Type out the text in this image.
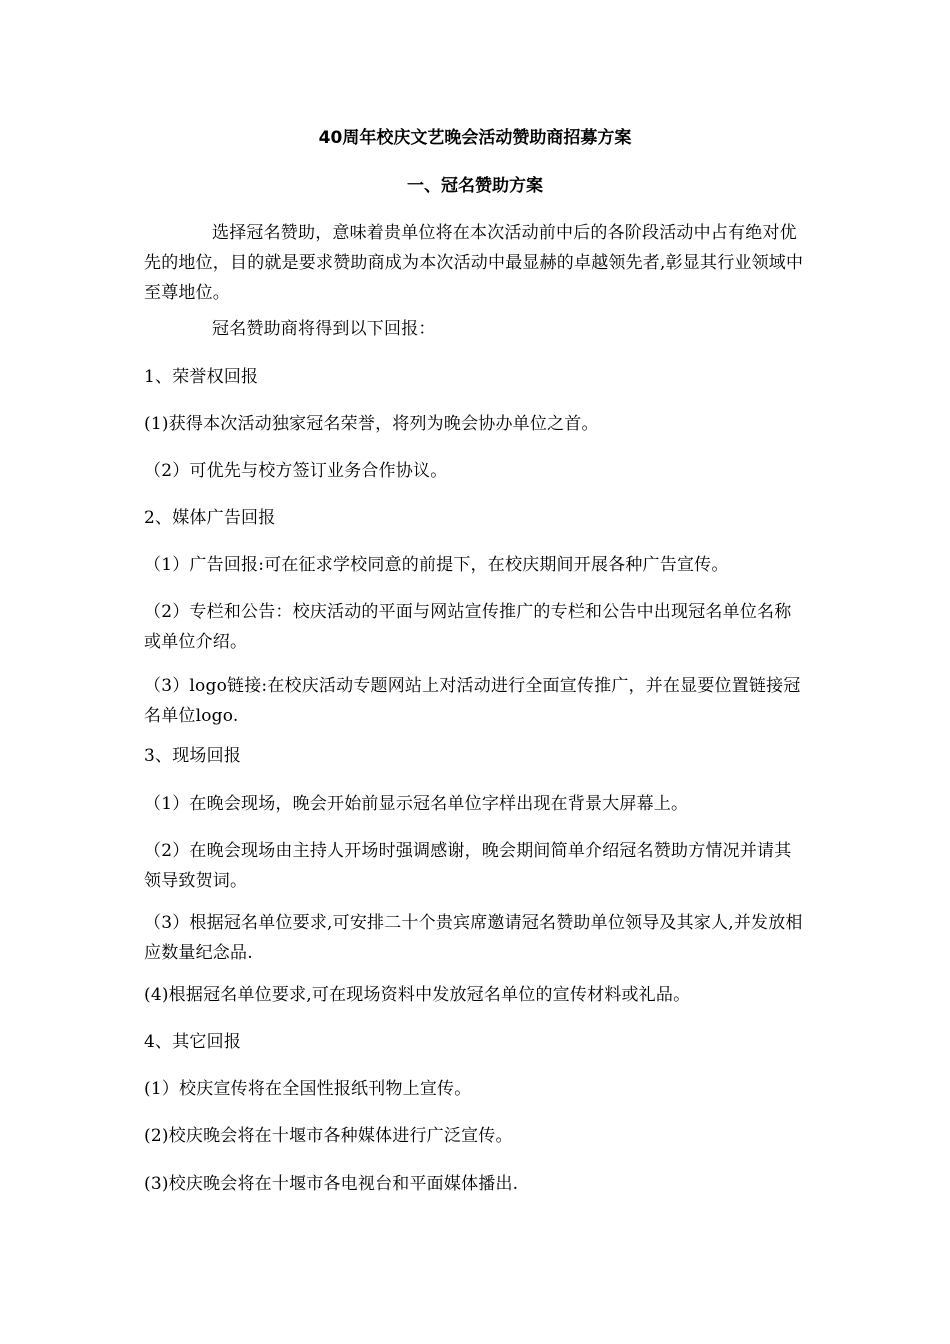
40周年校庆文艺晚会活动赞助商招募方案
一、冠名赞助方案

选择冠名赞助，意味着贵单位将在本次活动前中后的各阶段活动中占有绝对优先的地位，目的就是要求赞助商成为本次活动中最显赫的卓越领先者,彰显其行业领域中至尊地位。

冠名赞助商将得到以下回报：

1、荣誉权回报

(1)获得本次活动独家冠名荣誉，将列为晚会协办单位之首。

（2）可优先与校方签订业务合作协议。

2、媒体广告回报

（1）广告回报:可在征求学校同意的前提下，在校庆期间开展各种广告宣传。

（2）专栏和公告：校庆活动的平面与网站宣传推广的专栏和公告中出现冠名单位名称或单位介绍。

（3）logo链接:在校庆活动专题网站上对活动进行全面宣传推广，并在显要位置链接冠名单位logo.

3、现场回报

（1）在晚会现场，晚会开始前显示冠名单位字样出现在背景大屏幕上。

（2）在晚会现场由主持人开场时强调感谢，晚会期间简单介绍冠名赞助方情况并请其领导致贺词。

（3）根据冠名单位要求,可安排二十个贵宾席邀请冠名赞助单位领导及其家人,并发放相应数量纪念品.

(4)根据冠名单位要求,可在现场资料中发放冠名单位的宣传材料或礼品。

4、其它回报

(1）校庆宣传将在全国性报纸刊物上宣传。

(2)校庆晚会将在十堰市各种媒体进行广泛宣传。

(3)校庆晚会将在十堰市各电视台和平面媒体播出.
